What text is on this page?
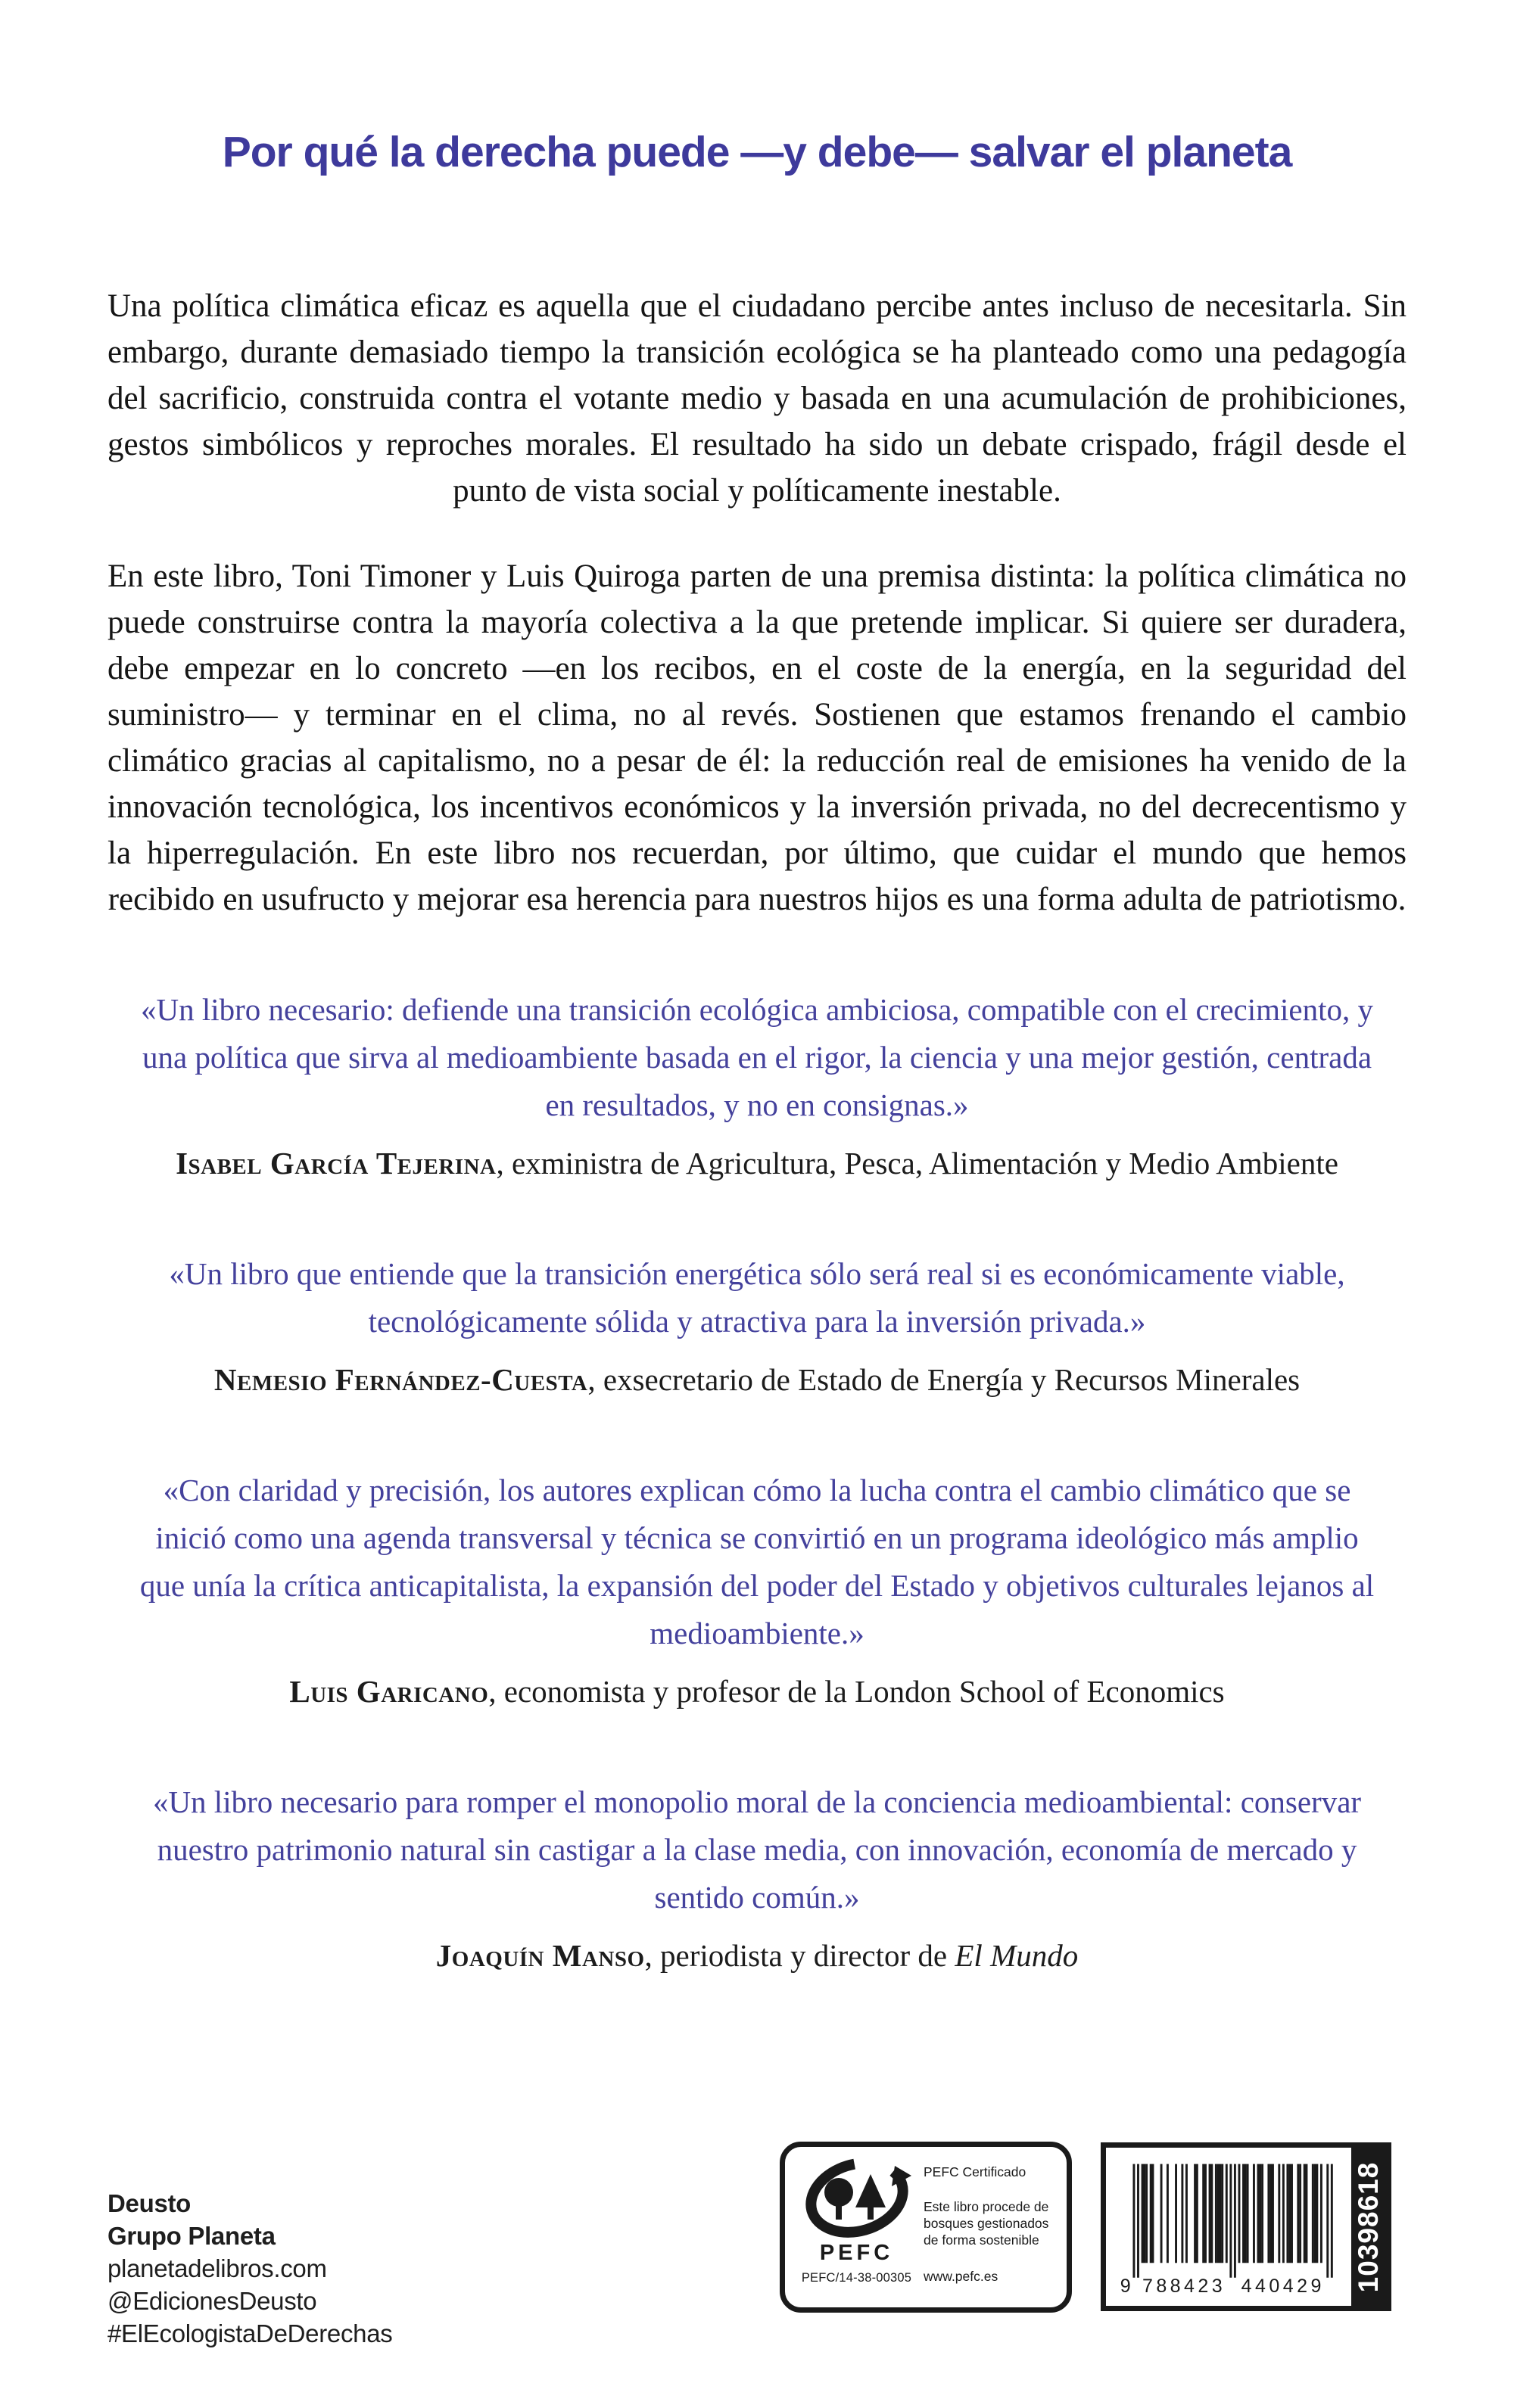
Por qué la derecha puede —y debe— salvar el planeta

Una política climática eficaz es aquella que el ciudadano percibe antes incluso de necesitarla. Sin embargo, durante demasiado tiempo la transición ecológica se ha planteado como una pedagogía del sacrificio, construida contra el votante medio y basada en una acumulación de prohibiciones, gestos simbólicos y reproches morales. El resultado ha sido un debate crispado, frágil desde el punto de vista social y políticamente inestable.

En este libro, Toni Timoner y Luis Quiroga parten de una premisa distinta: la política climática no puede construirse contra la mayoría colectiva a la que pretende implicar. Si quiere ser duradera, debe empezar en lo concreto —en los recibos, en el coste de la energía, en la seguridad del suministro— y terminar en el clima, no al revés. Sostienen que estamos frenando el cambio climático gracias al capitalismo, no a pesar de él: la reducción real de emisiones ha venido de la innovación tecnológica, los incentivos económicos y la inversión privada, no del decrecentismo y la hiperregulación. En este libro nos recuerdan, por último, que cuidar el mundo que hemos recibido en usufructo y mejorar esa herencia para nuestros hijos es una forma adulta de patriotismo.

«Un libro necesario: defiende una transición ecológica ambiciosa, compatible con el crecimiento, y una política que sirva al medioambiente basada en el rigor, la ciencia y una mejor gestión, centrada en resultados, y no en consignas.»
Isabel García Tejerina, exministra de Agricultura, Pesca, Alimentación y Medio Ambiente
«Un libro que entiende que la transición energética sólo será real si es económicamente viable, tecnológicamente sólida y atractiva para la inversión privada.»
Nemesio Fernández-Cuesta, exsecretario de Estado de Energía y Recursos Minerales
«Con claridad y precisión, los autores explican cómo la lucha contra el cambio climático que se inició como una agenda transversal y técnica se convirtió en un programa ideológico más amplio que unía la crítica anticapitalista, la expansión del poder del Estado y objetivos culturales lejanos al medioambiente.»
Luis Garicano, economista y profesor de la London School of Economics
«Un libro necesario para romper el monopolio moral de la conciencia medioambiental: conservar nuestro patrimonio natural sin castigar a la clase media, con innovación, economía de mercado y sentido común.»
Joaquín Manso, periodista y director de El Mundo
Deusto
Grupo Planeta
planetadelibros.com
@EdicionesDeusto
#ElEcologistaDeDerechas
PEFC
PEFC/14-38-00305
PEFC Certificado
Este libro procede de bosques gestionados de forma sostenible
www.pefc.es	9 788423	440429 10398618
